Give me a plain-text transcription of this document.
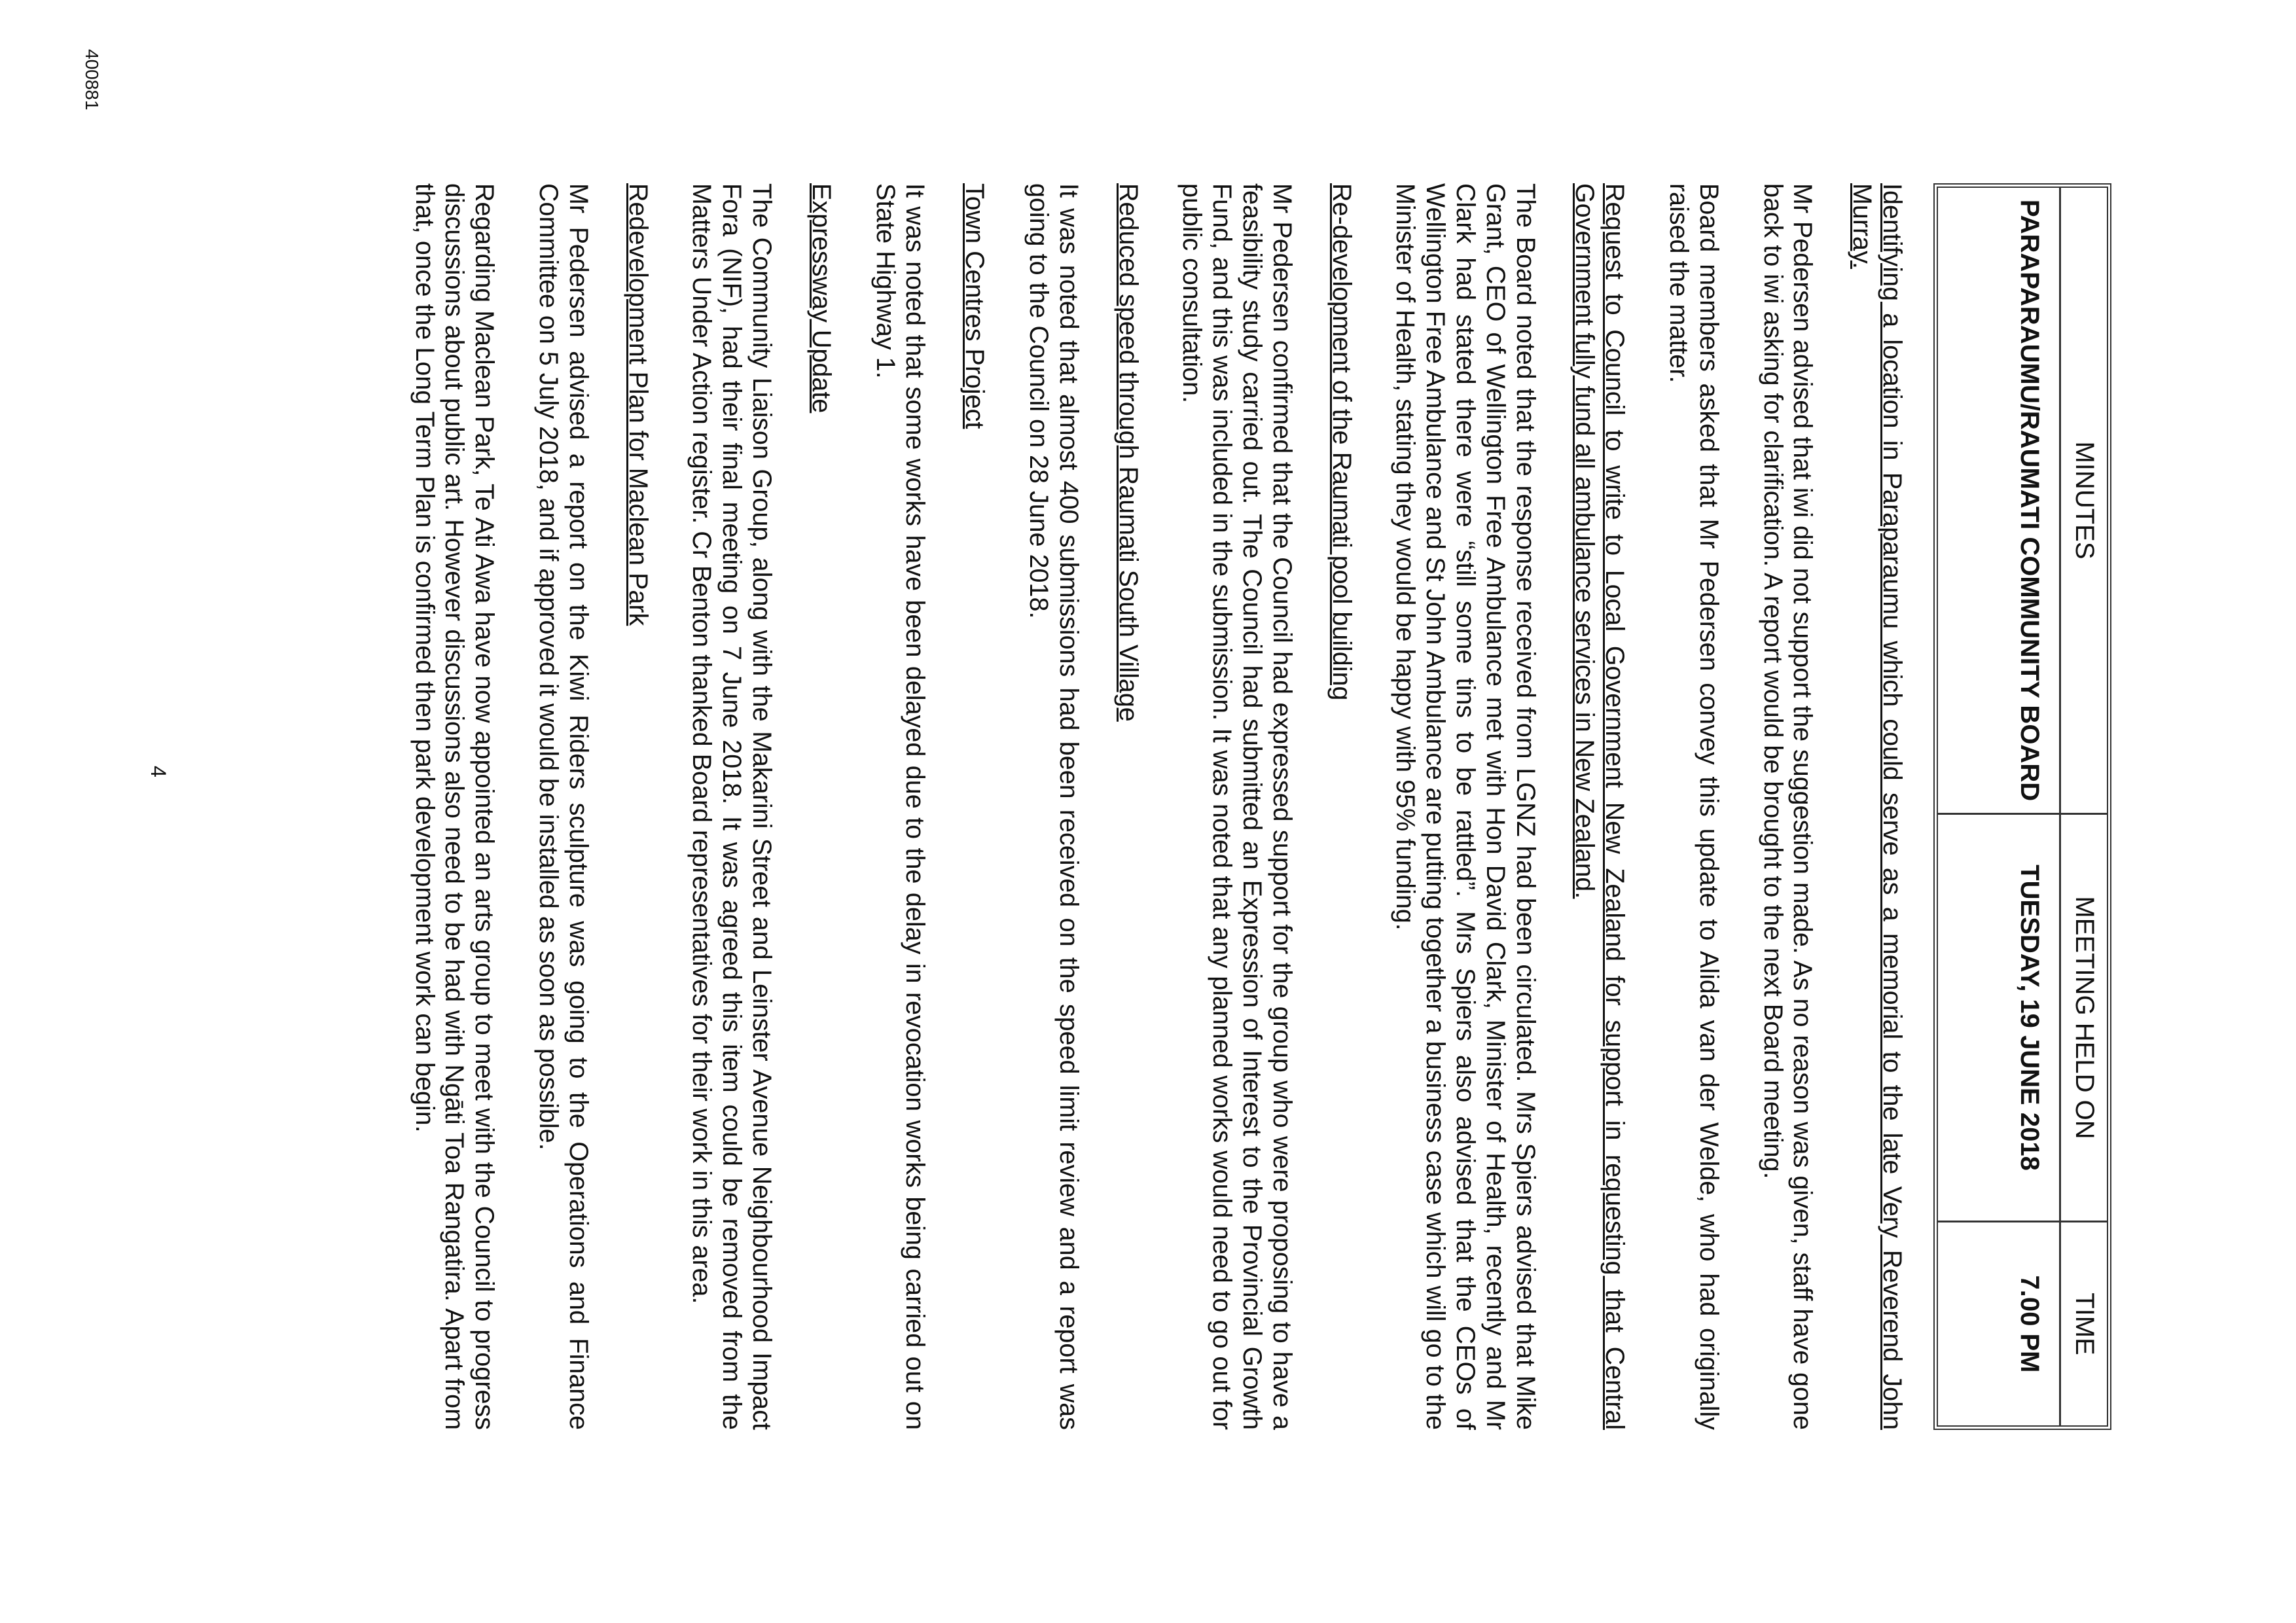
MINUTES
PARAPARAUMU/RAUMATI COMMUNITY BOARD
MEETING HELD ON
TUESDAY, 19 JUNE 2018
TIME
7.00 PM

Identifying a location in Paraparaumu which could serve as a memorial to the late Very Reverend John Murray.

Mr Pedersen advised that iwi did not support the suggestion made. As no reason was given, staff have gone back to iwi asking for clarification. A report would be brought to the next Board meeting.

Board members asked that Mr Pedersen convey this update to Alida van der Welde, who had originally raised the matter.

Request to Council to write to Local Government New Zealand for support in requesting that Central Government fully fund all ambulance services in New Zealand.

The Board noted that the response received from LGNZ had been circulated. Mrs Spiers advised that Mike Grant, CEO of Wellington Free Ambulance met with Hon David Clark, Minister of Health, recently and Mr Clark had stated there were “still some tins to be rattled”. Mrs Spiers also advised that the CEOs of Wellington Free Ambulance and St John Ambulance are putting together a business case which will go to the Minister of Health, stating they would be happy with 95% funding.

Re-development of the Raumati pool building

Mr Pedersen confirmed that the Council had expressed support for the group who were proposing to have a feasibility study carried out. The Council had submitted an Expression of Interest to the Provincial Growth Fund, and this was included in the submission. It was noted that any planned works would need to go out for public consultation.

Reduced speed through Raumati South Village

It was noted that almost 400 submissions had been received on the speed limit review and a report was going to the Council on 28 June 2018.

Town Centres Project

It was noted that some works have been delayed due to the delay in revocation works being carried out on State Highway 1.

Expressway Update

The Community Liaison Group, along with the Makarini Street and Leinster Avenue Neighbourhood Impact Fora (NIF), had their final meeting on 7 June 2018. It was agreed this item could be removed from the Matters Under Action register. Cr Benton thanked Board representatives for their work in this area.

Redevelopment Plan for Maclean Park

Mr Pedersen advised a report on the Kiwi Riders sculpture was going to the Operations and Finance Committee on 5 July 2018, and if approved it would be installed as soon as possible.

Regarding Maclean Park, Te Ati Awa have now appointed an arts group to meet with the Council to progress discussions about public art. However discussions also need to be had with Ngāti Toa Rangatira. Apart from that, once the Long Term Plan is confirmed then park development work can begin.

4
400881
